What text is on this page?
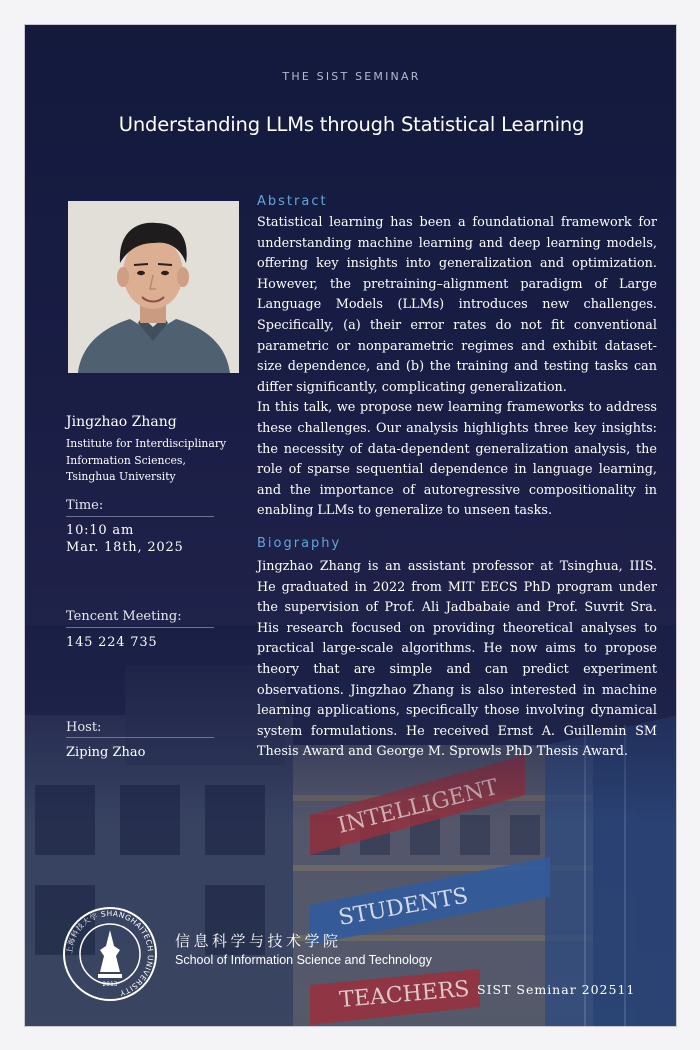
STUDENTS
TEACHERS
THE SIST SEMINAR
Understanding LLMs through Statistical Learning
Jingzhao Zhang
Institute for Interdisciplinary
Information Sciences,
Tsinghua University
Time:
10:10 am
Mar. 18th, 2025
Tencent Meeting:
145 224 735
Host:
Ziping Zhao
Abstract

Statistical learning has been a foundational framework for understanding machine learning and deep learning models, offering key insights into generalization and optimization. However, the pretraining–alignment paradigm of Large Language Models (LLMs) introduces new challenges. Specifically, (a) their error rates do not fit conventional parametric or nonparametric regimes and exhibit dataset-size dependence, and (b) the training and testing tasks can differ significantly, complicating generalization.

In this talk, we propose new learning frameworks to address these challenges. Our analysis highlights three key insights: the necessity of data-dependent generalization analysis, the role of sparse sequential dependence in language learning, and the importance of autoregressive compositionality in enabling LLMs to generalize to unseen tasks.

Biography
Jingzhao Zhang is an assistant professor at Tsinghua, IIIS. He graduated in 2022 from MIT EECS PhD program under the supervision of Prof. Ali Jadbabaie and Prof. Suvrit Sra. His research focused on providing theoretical analyses to practical large-scale algorithms. He now aims to propose theory that are simple and can predict experiment observations. Jingzhao Zhang is also interested in machine learning applications, specifically those involving dynamical system formulations. He received Ernst A. Guillemin SM Thesis Award and George M. Sprowls PhD Thesis Award.
上海科技大学 SHANGHAITECH UNIVERSITY
2013
信息科学与技术学院
School of Information Science and Technology
SIST Seminar 202511
